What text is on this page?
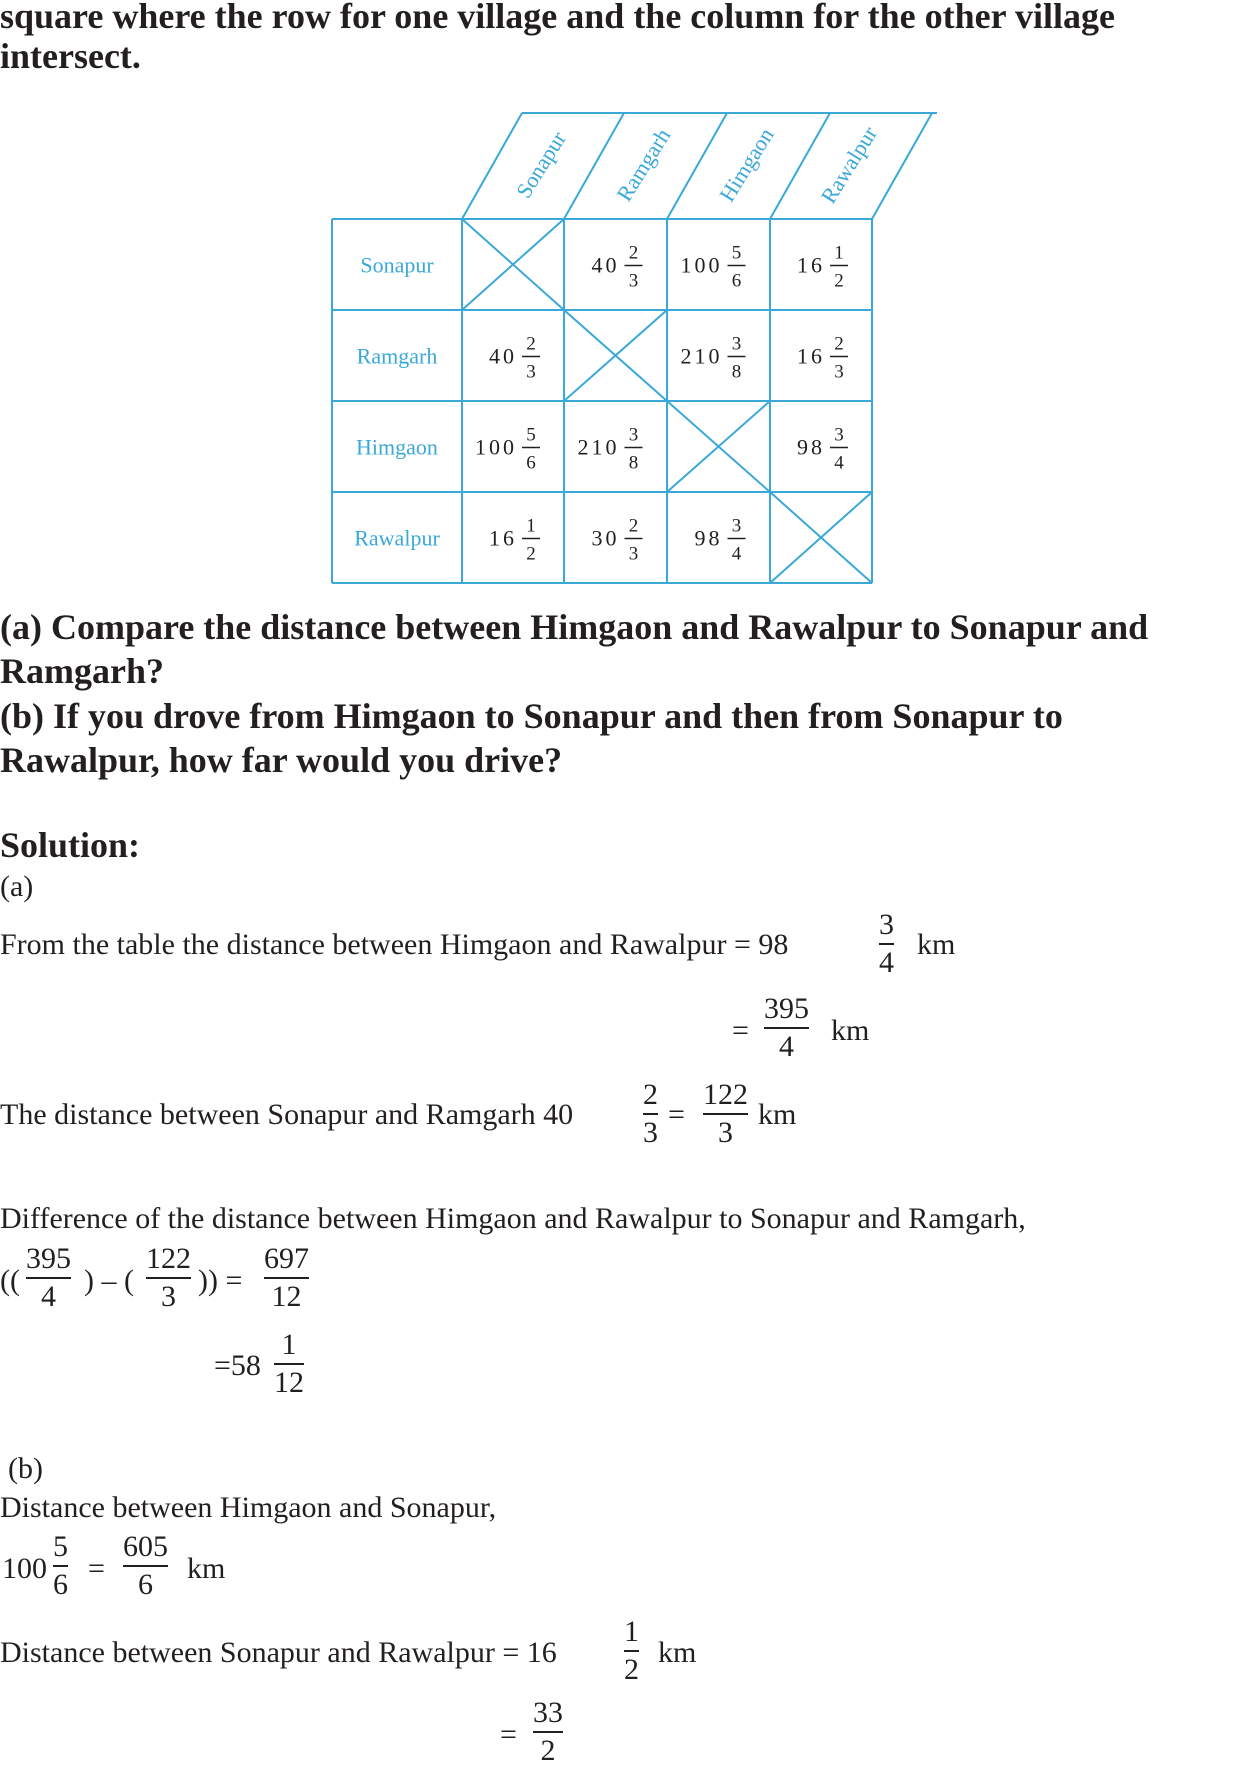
square where the row for one village and the column for the other village
intersect.
Sonapur Ramgarh Himgaon Rawalpur
Sonapur
Ramgarh
Himgaon
Rawalpur
40 2
3
100 5
6
16 1
2
40 2
3
210 3
8
16 2
3
100 5
6
210 3
8
98 3
4
16 1
2
30 2
3
98 3
4
(a) Compare the distance between Himgaon and Rawalpur to Sonapur and
Ramgarh?
(b) If you drove from Himgaon to Sonapur and then from Sonapur to
Rawalpur, how far would you drive?
Solution:
(a)
From the table the distance between Himgaon and Rawalpur = 98
3
4
km
=
395
4	km
The distance between Sonapur and Ramgarh 40
2
3
=
122
3
km
Difference of the distance between Himgaon and Rawalpur to Sonapur and Ramgarh,
((
395
4 ) – (
122
3 )) =
697
12
=58
1
12
(b)
Distance between Himgaon and Sonapur,
100
5
6 =
605
6	km
Distance between Sonapur and Rawalpur = 16
1
2
km
=
33
2
